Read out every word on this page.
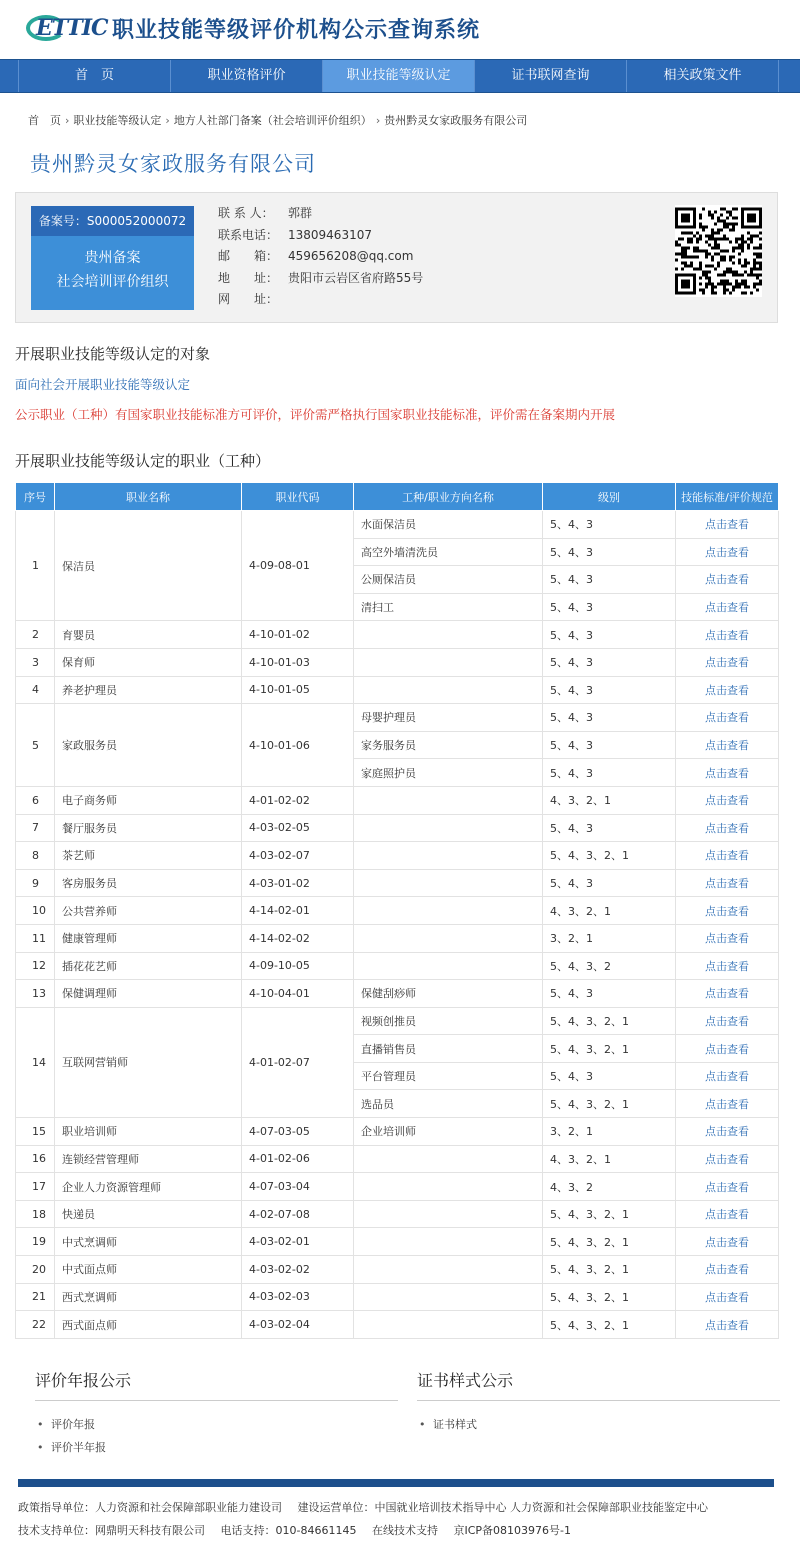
ETTIC 职业技能等级评价机构公示查询系统
首　页	职业资格评价	职业技能等级认定	证书联网查询	相关政策文件
首　页 › 职业技能等级认定 › 地方人社部门备案（社会培训评价组织） › 贵州黔灵女家政服务有限公司
贵州黔灵女家政服务有限公司
备案号：S000052000072
贵州备案
社会培训评价组织
联 系 人：	郭群
联系电话： 13809463107
邮　　箱： 459656208@qq.com
地　　址： 贵阳市云岩区省府路55号
网　　址：
开展职业技能等级认定的对象
面向社会开展职业技能等级认定
公示职业（工种）有国家职业技能标准方可评价，评价需严格执行国家职业技能标准，评价需在备案期内开展
开展职业技能等级认定的职业（工种）
序号	职业名称	职业代码	工种/职业方向名称	级别	技能标准/评价规范
1	保洁员	4-09-08-01	水面保洁员	5、4、3	点击查看
			高空外墙清洗员	5、4、3	点击查看
			公厕保洁员	5、4、3	点击查看
			清扫工	5、4、3	点击查看
2	育婴员	4-10-01-02		5、4、3	点击查看
3	保育师	4-10-01-03		5、4、3	点击查看
4	养老护理员	4-10-01-05		5、4、3	点击查看
5	家政服务员	4-10-01-06	母婴护理员	5、4、3	点击查看
			家务服务员	5、4、3	点击查看
			家庭照护员	5、4、3	点击查看
6	电子商务师	4-01-02-02		4、3、2、1	点击查看
7	餐厅服务员	4-03-02-05		5、4、3	点击查看
8	茶艺师	4-03-02-07		5、4、3、2、1	点击查看
9	客房服务员	4-03-01-02		5、4、3	点击查看
10	公共营养师	4-14-02-01		4、3、2、1	点击查看
11	健康管理师	4-14-02-02		3、2、1	点击查看
12	插花花艺师	4-09-10-05		5、4、3、2	点击查看
13	保健调理师	4-10-04-01	保健刮痧师	5、4、3	点击查看
14	互联网营销师	4-01-02-07	视频创推员	5、4、3、2、1	点击查看
			直播销售员	5、4、3、2、1	点击查看
			平台管理员	5、4、3	点击查看
			选品员	5、4、3、2、1	点击查看
15	职业培训师	4-07-03-05	企业培训师	3、2、1	点击查看
16	连锁经营管理师	4-01-02-06		4、3、2、1	点击查看
17	企业人力资源管理师	4-07-03-04		4、3、2	点击查看
18	快递员	4-02-07-08		5、4、3、2、1	点击查看
19	中式烹调师	4-03-02-01		5、4、3、2、1	点击查看
20	中式面点师	4-03-02-02		5、4、3、2、1	点击查看
21	西式烹调师	4-03-02-03		5、4、3、2、1	点击查看
22	西式面点师	4-03-02-04		5、4、3、2、1	点击查看
评价年报公示
• 评价年报
• 评价半年报
证书样式公示
• 证书样式
政策指导单位：人力资源和社会保障部职业能力建设司 建设运营单位：中国就业培训技术指导中心 人力资源和社会保障部职业技能鉴定中心
技术支持单位：网鼎明天科技有限公司 电话支持：010-84661145 在线技术支持 京ICP备08103976号-1
